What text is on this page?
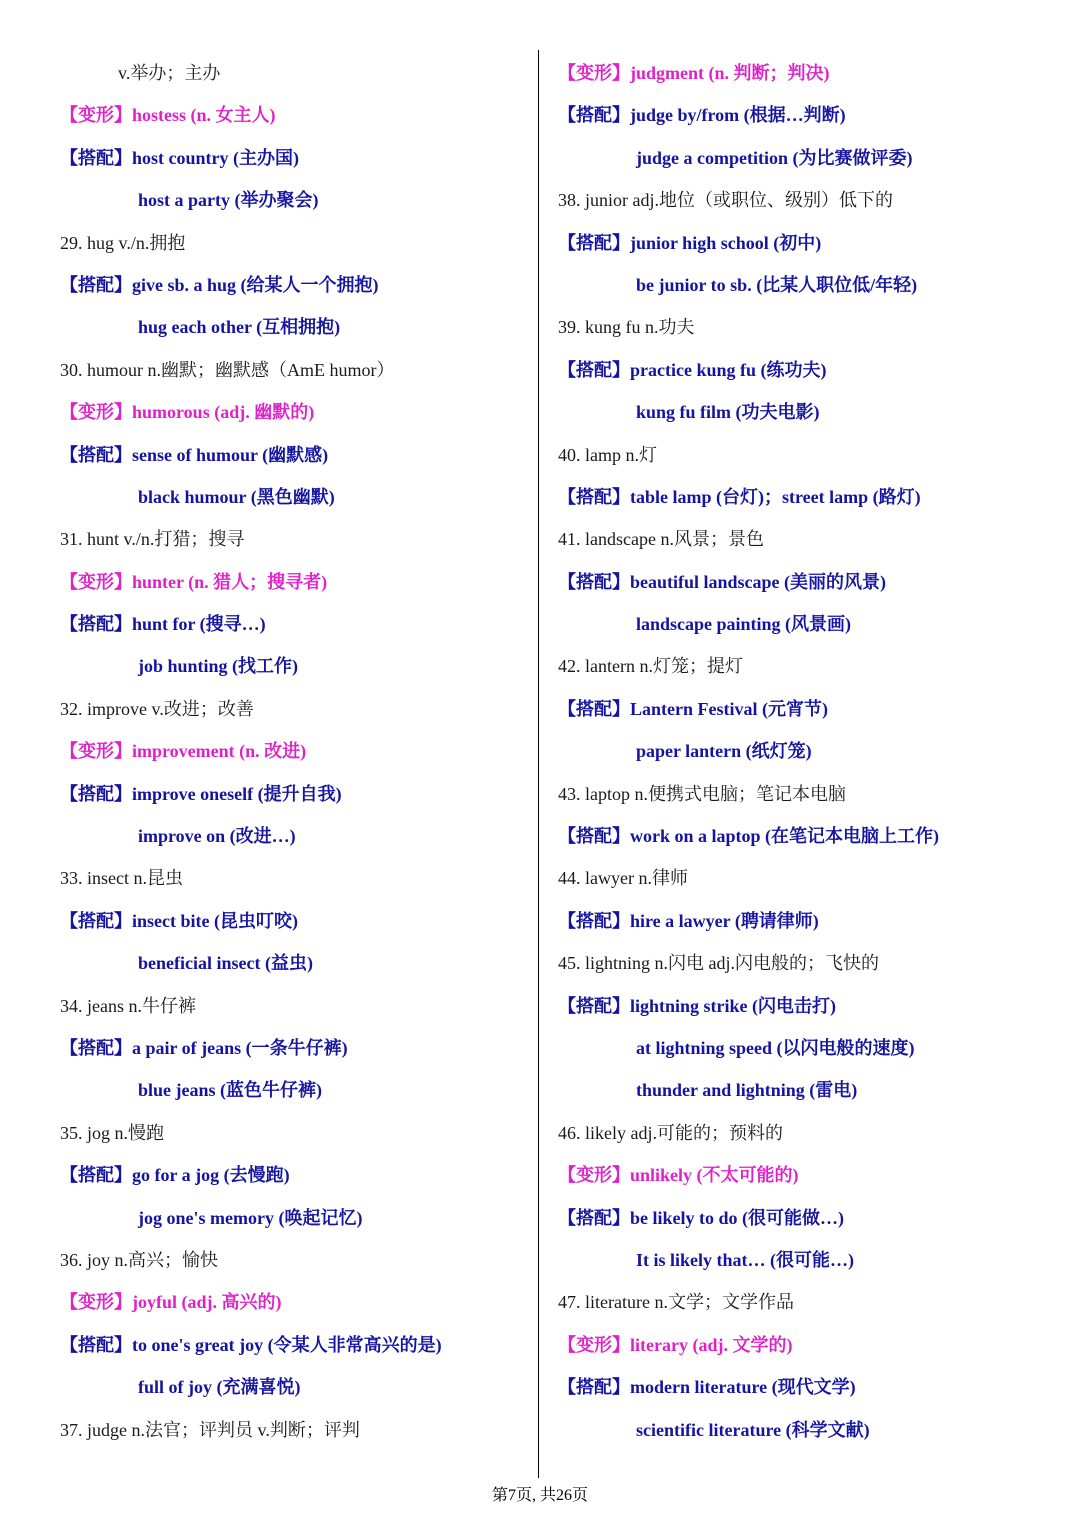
v.举办；主办
【变形】hostess (n. 女主人)
【搭配】host country (主办国)
host a party (举办聚会)
29. hug v./n.拥抱
【搭配】give sb. a hug (给某人一个拥抱)
hug each other (互相拥抱)
30. humour n.幽默；幽默感（AmE humor）
【变形】humorous (adj. 幽默的)
【搭配】sense of humour (幽默感)
black humour (黑色幽默)
31. hunt v./n.打猎；搜寻
【变形】hunter (n. 猎人；搜寻者)
【搭配】hunt for (搜寻…)
job hunting (找工作)
32. improve v.改进；改善
【变形】improvement (n. 改进)
【搭配】improve oneself (提升自我)
improve on (改进…)
33. insect n.昆虫
【搭配】insect bite (昆虫叮咬)
beneficial insect (益虫)
34. jeans n.牛仔裤
【搭配】a pair of jeans (一条牛仔裤)
blue jeans (蓝色牛仔裤)
35. jog n.慢跑
【搭配】go for a jog (去慢跑)
jog one's memory (唤起记忆)
36. joy n.高兴；愉快
【变形】joyful (adj. 高兴的)
【搭配】to one's great joy (令某人非常高兴的是)
full of joy (充满喜悦)
37. judge n.法官；评判员 v.判断；评判
【变形】judgment (n. 判断；判决)
【搭配】judge by/from (根据…判断)
judge a competition (为比赛做评委)
38. junior adj.地位（或职位、级别）低下的
【搭配】junior high school (初中)
be junior to sb. (比某人职位低/年轻)
39. kung fu n.功夫
【搭配】practice kung fu (练功夫)
kung fu film (功夫电影)
40. lamp n.灯
【搭配】table lamp (台灯)；street lamp (路灯)
41. landscape n.风景；景色
【搭配】beautiful landscape (美丽的风景)
landscape painting (风景画)
42. lantern n.灯笼；提灯
【搭配】Lantern Festival (元宵节)
paper lantern (纸灯笼)
43. laptop n.便携式电脑；笔记本电脑
【搭配】work on a laptop (在笔记本电脑上工作)
44. lawyer n.律师
【搭配】hire a lawyer (聘请律师)
45. lightning n.闪电 adj.闪电般的；飞快的
【搭配】lightning strike (闪电击打)
at lightning speed (以闪电般的速度)
thunder and lightning (雷电)
46. likely adj.可能的；预料的
【变形】unlikely (不太可能的)
【搭配】be likely to do (很可能做…)
It is likely that… (很可能…)
47. literature n.文学；文学作品
【变形】literary (adj. 文学的)
【搭配】modern literature (现代文学)
scientific literature (科学文献)
第7页, 共26页
